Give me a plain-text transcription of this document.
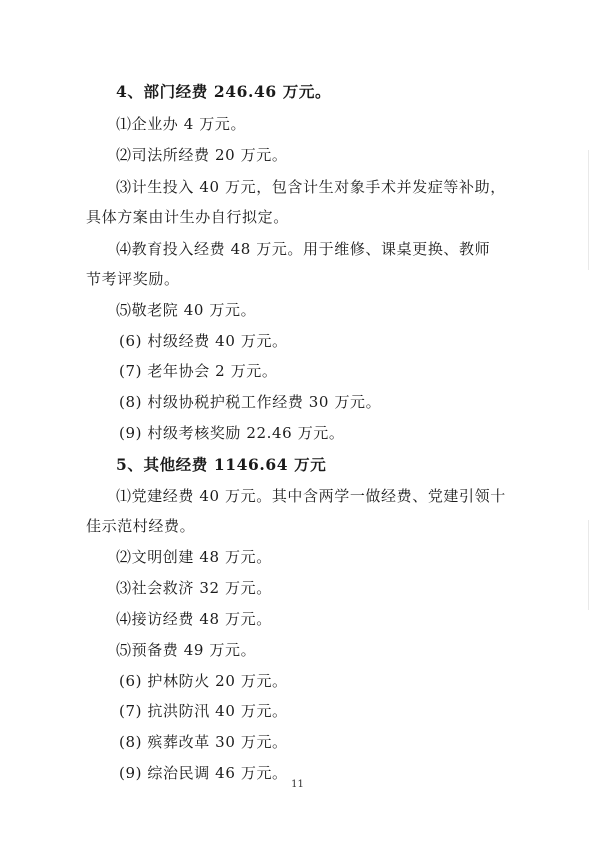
4、部门经费 246.46 万元。
⑴企业办 4 万元。
⑵司法所经费 20 万元。
⑶计生投入 40 万元，包含计生对象手术并发症等补助，
具体方案由计生办自行拟定。
⑷教育投入经费 48 万元。用于维修、课桌更换、教师
节考评奖励。
⑸敬老院 40 万元。
(6) 村级经费 40 万元。
(7) 老年协会 2 万元。
(8) 村级协税护税工作经费 30 万元。
(9) 村级考核奖励 22.46 万元。
5、其他经费 1146.64 万元
⑴党建经费 40 万元。其中含两学一做经费、党建引领十
佳示范村经费。
⑵文明创建 48 万元。
⑶社会救济 32 万元。
⑷接访经费 48 万元。
⑸预备费 49 万元。
(6) 护林防火 20 万元。
(7) 抗洪防汛 40 万元。
(8) 殡葬改革 30 万元。
(9) 综治民调 46 万元。
11
